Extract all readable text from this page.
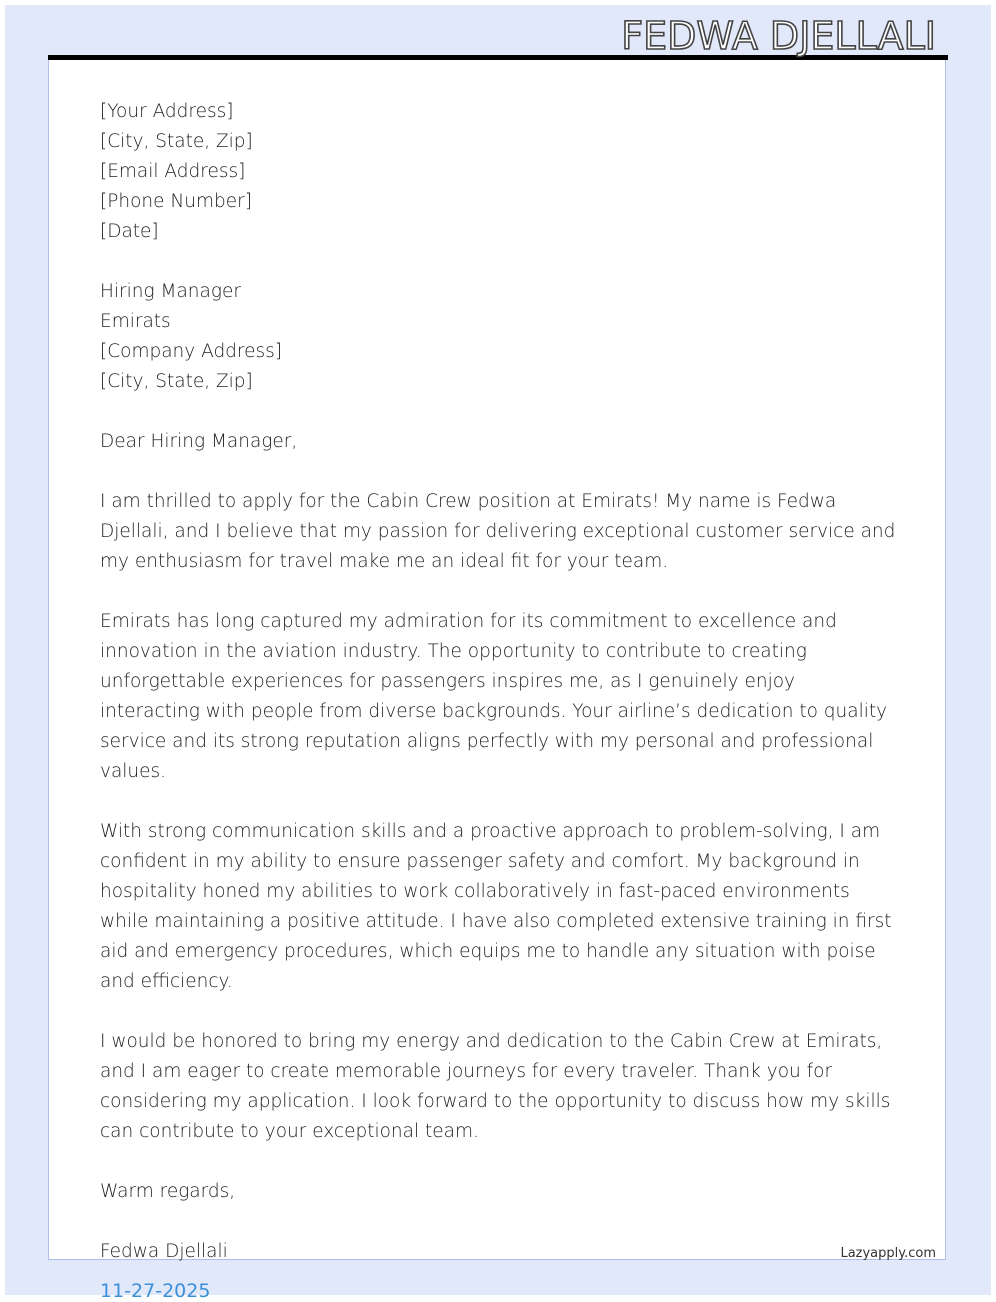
FEDWA DJELLALI
[Your Address]
[City, State, Zip]
[Email Address]
[Phone Number]
[Date]
Hiring Manager
Emirats
[Company Address]
[City, State, Zip]
Dear Hiring Manager,

I am thrilled to apply for the Cabin Crew position at Emirats! My name is Fedwa Djellali, and I believe that my passion for delivering exceptional customer service and my enthusiasm for travel make me an ideal fit for your team.

Emirats has long captured my admiration for its commitment to excellence and innovation in the aviation industry. The opportunity to contribute to creating unforgettable experiences for passengers inspires me, as I genuinely enjoy interacting with people from diverse backgrounds. Your airline’s dedication to quality service and its strong reputation aligns perfectly with my personal and professional values.

With strong communication skills and a proactive approach to problem-solving, I am confident in my ability to ensure passenger safety and comfort. My background in hospitality honed my abilities to work collaboratively in fast-paced environments while maintaining a positive attitude. I have also completed extensive training in first aid and emergency procedures, which equips me to handle any situation with poise and efficiency.

I would be honored to bring my energy and dedication to the Cabin Crew at Emirats, and I am eager to create memorable journeys for every traveler. Thank you for considering my application. I look forward to the opportunity to discuss how my skills can contribute to your exceptional team.

Warm regards,
Fedwa Djellali	Lazyapply.com
11-27-2025
